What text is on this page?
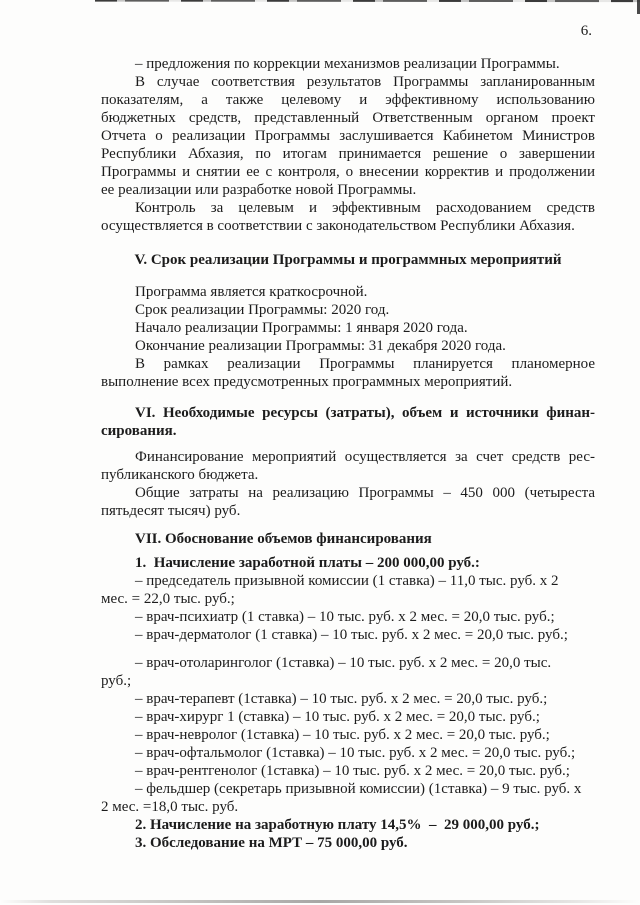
6.
– предложения по коррекции механизмов реализации Программы.
В случае соответствия результатов Программы запланированным
показателям, а также целевому и эффективному использованию
бюджетных средств, представленный Ответственным органом проект
Отчета о реализации Программы заслушивается Кабинетом Министров
Республики Абхазия, по итогам принимается решение о завершении
Программы и снятии ее с контроля, о внесении корректив и продолжении
ее реализации или разработке новой Программы.
Контроль за целевым и эффективным расходованием средств
осуществляется в соответствии с законодательством Республики Абхазия.
V. Срок реализации Программы и программных мероприятий
Программа является краткосрочной.
Срок реализации Программы: 2020 год.
Начало реализации Программы: 1 января 2020 года.
Окончание реализации Программы: 31 декабря 2020 года.
В рамках реализации Программы планируется планомерное
выполнение всех предусмотренных программных мероприятий.
VI. Необходимые ресурсы (затраты), объем и источники финан-
сирования.
Финансирование мероприятий осуществляется за счет средств рес-
публиканского бюджета.
Общие затраты на реализацию Программы – 450 000 (четыреста
пятьдесят тысяч) руб.
VII. Обоснование объемов финансирования
1.  Начисление заработной платы – 200 000,00 руб.:
– председатель призывной комиссии (1 ставка) – 11,0 тыс. руб. х 2
мес. = 22,0 тыс. руб.;
– врач-психиатр (1 ставка) – 10 тыс. руб. х 2 мес. = 20,0 тыс. руб.;
– врач-дерматолог (1 ставка) – 10 тыс. руб. х 2 мес. = 20,0 тыс. руб.;
– врач-отоларинголог (1ставка) – 10 тыс. руб. х 2 мес. = 20,0 тыс.
руб.;
– врач-терапевт (1ставка) – 10 тыс. руб. х 2 мес. = 20,0 тыс. руб.;
– врач-хирург 1 (ставка) – 10 тыс. руб. х 2 мес. = 20,0 тыс. руб.;
– врач-невролог (1ставка) – 10 тыс. руб. х 2 мес. = 20,0 тыс. руб.;
– врач-офтальмолог (1ставка) – 10 тыс. руб. х 2 мес. = 20,0 тыс. руб.;
– врач-рентгенолог (1ставка) – 10 тыс. руб. х 2 мес. = 20,0 тыс. руб.;
– фельдшер (секретарь призывной комиссии) (1ставка) – 9 тыс. руб. х
2 мес. =18,0 тыс. руб.
2. Начисление на заработную плату 14,5%  –  29 000,00 руб.;
3. Обследование на МРТ – 75 000,00 руб.
